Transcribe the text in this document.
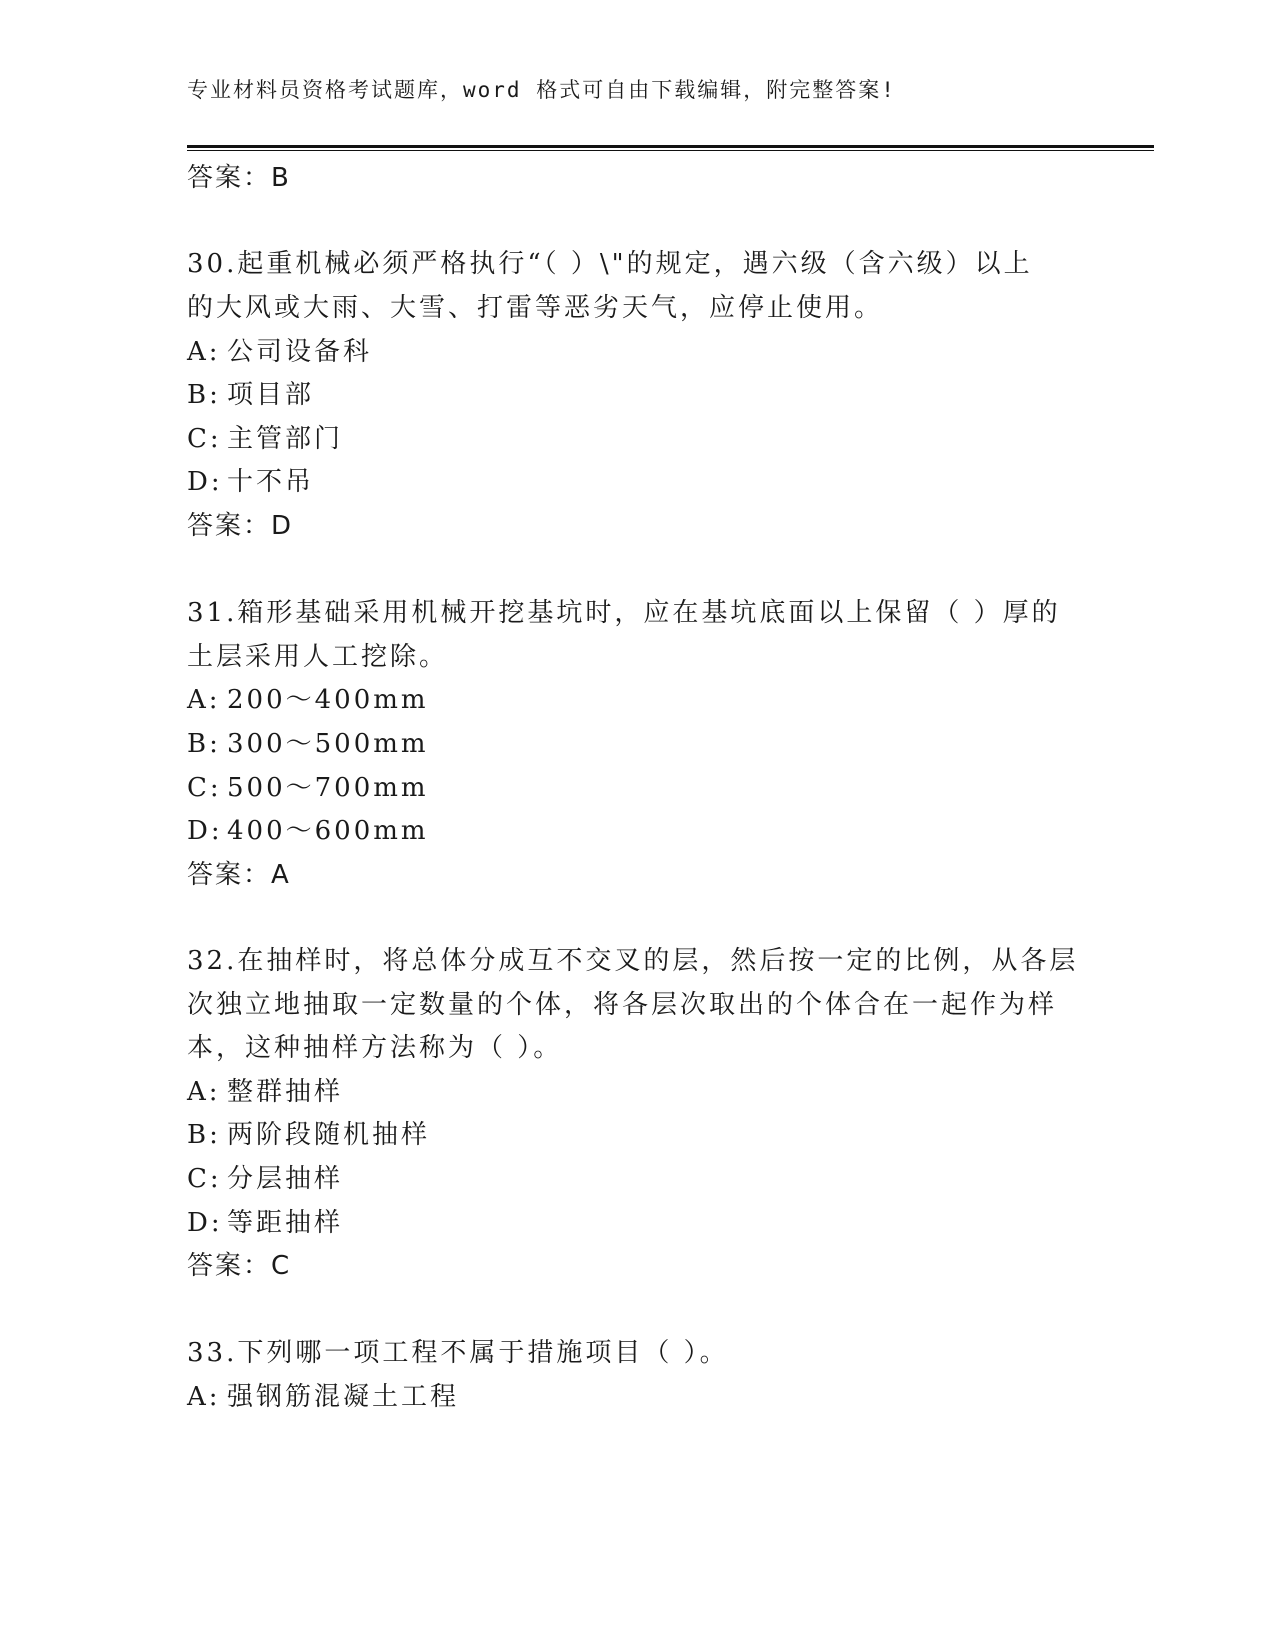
专业材料员资格考试题库，word 格式可自由下载编辑，附完整答案!
答案：B
30.起重机械必须严格执行“（ ）\"的规定，遇六级（含六级）以上
的大风或大雨、大雪、打雷等恶劣天气，应停止使用。
A: 公司设备科
B: 项目部
C: 主管部门
D: 十不吊
答案：D
31.箱形基础采用机械开挖基坑时，应在基坑底面以上保留（ ）厚的
土层采用人工挖除。
A: 200～400mm
B: 300～500mm
C: 500～700mm
D: 400～600mm
答案：A
32.在抽样时，将总体分成互不交叉的层，然后按一定的比例，从各层
次独立地抽取一定数量的个体，将各层次取出的个体合在一起作为样
本，这种抽样方法称为（ ）。
A: 整群抽样
B: 两阶段随机抽样
C: 分层抽样
D: 等距抽样
答案：C
33.下列哪一项工程不属于措施项目（ ）。
A: 强钢筋混凝土工程
